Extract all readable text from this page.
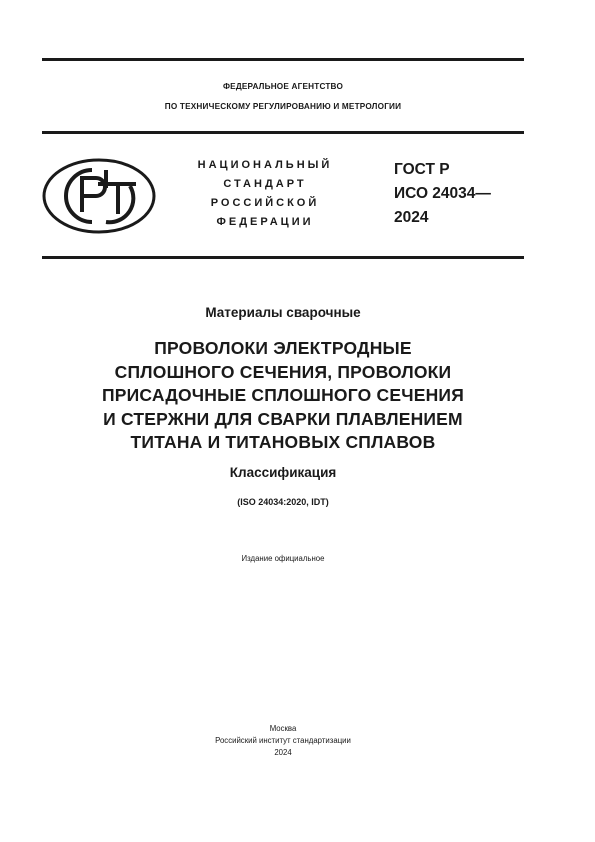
ФЕДЕРАЛЬНОЕ АГЕНТСТВО
ПО ТЕХНИЧЕСКОМУ РЕГУЛИРОВАНИЮ И МЕТРОЛОГИИ
НАЦИОНАЛЬНЫЙ
СТАНДАРТ
РОССИЙСКОЙ
ФЕДЕРАЦИИ
ГОСТ Р
ИСО 24034—
2024
Материалы сварочные
ПРОВОЛОКИ ЭЛЕКТРОДНЫЕ
СПЛОШНОГО СЕЧЕНИЯ, ПРОВОЛОКИ
ПРИСАДОЧНЫЕ СПЛОШНОГО СЕЧЕНИЯ
И СТЕРЖНИ ДЛЯ СВАРКИ ПЛАВЛЕНИЕМ
ТИТАНА И ТИТАНОВЫХ СПЛАВОВ
Классификация
(ISO 24034:2020, IDT)
Издание официальное
Москва
Российский институт стандартизации
2024
